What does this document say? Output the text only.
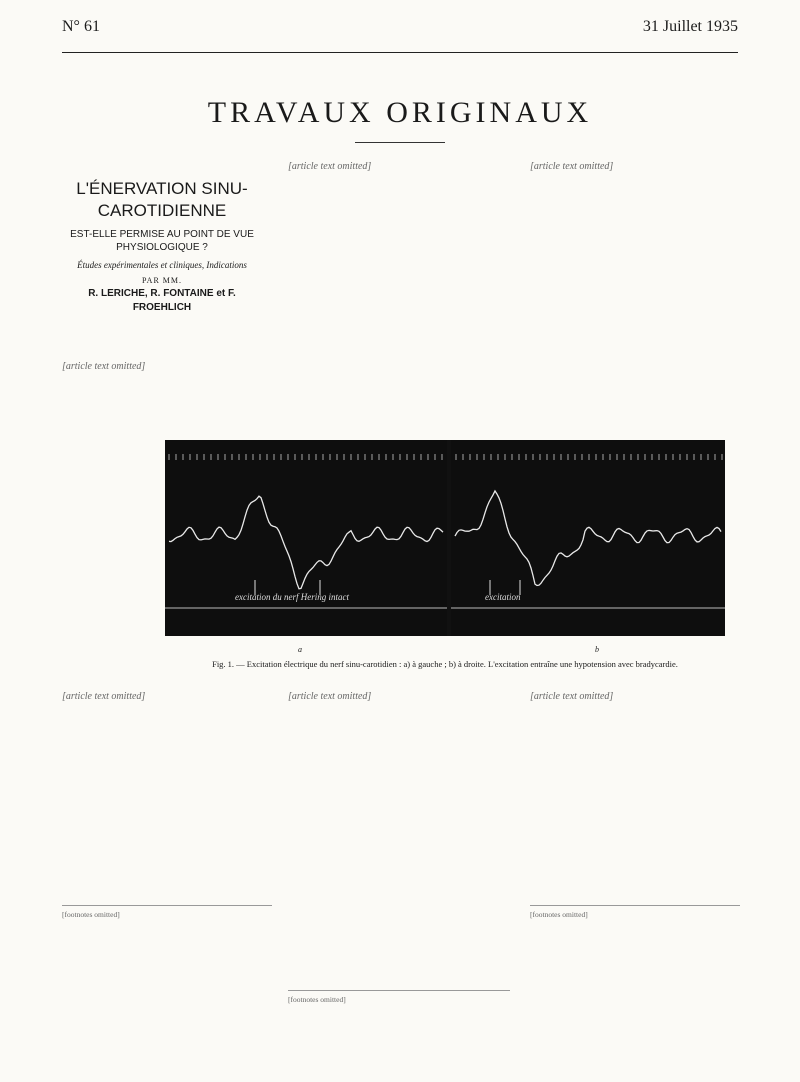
N° 61	31 Juillet 1935
TRAVAUX ORIGINAUX
L'ÉNERVATION SINU-CAROTIDIENNE
EST-ELLE PERMISE AU POINT DE VUE PHYSIOLOGIQUE ?
Études expérimentales et cliniques, Indications
PAR MM.
R. LERICHE, R. FONTAINE et F. FROEHLICH

[article text omitted]

[article text omitted]	[article text omitted]

excitation du nerf Hering intact	excitation
a	b
Fig. 1. — Excitation électrique du nerf sinu-carotidien : a) à gauche ; b) à droite. L'excitation entraîne une hypotension avec bradycardie.

[article text omitted]	[article text omitted]	[article text omitted]

[footnotes omitted]
[footnotes omitted]
[footnotes omitted]
